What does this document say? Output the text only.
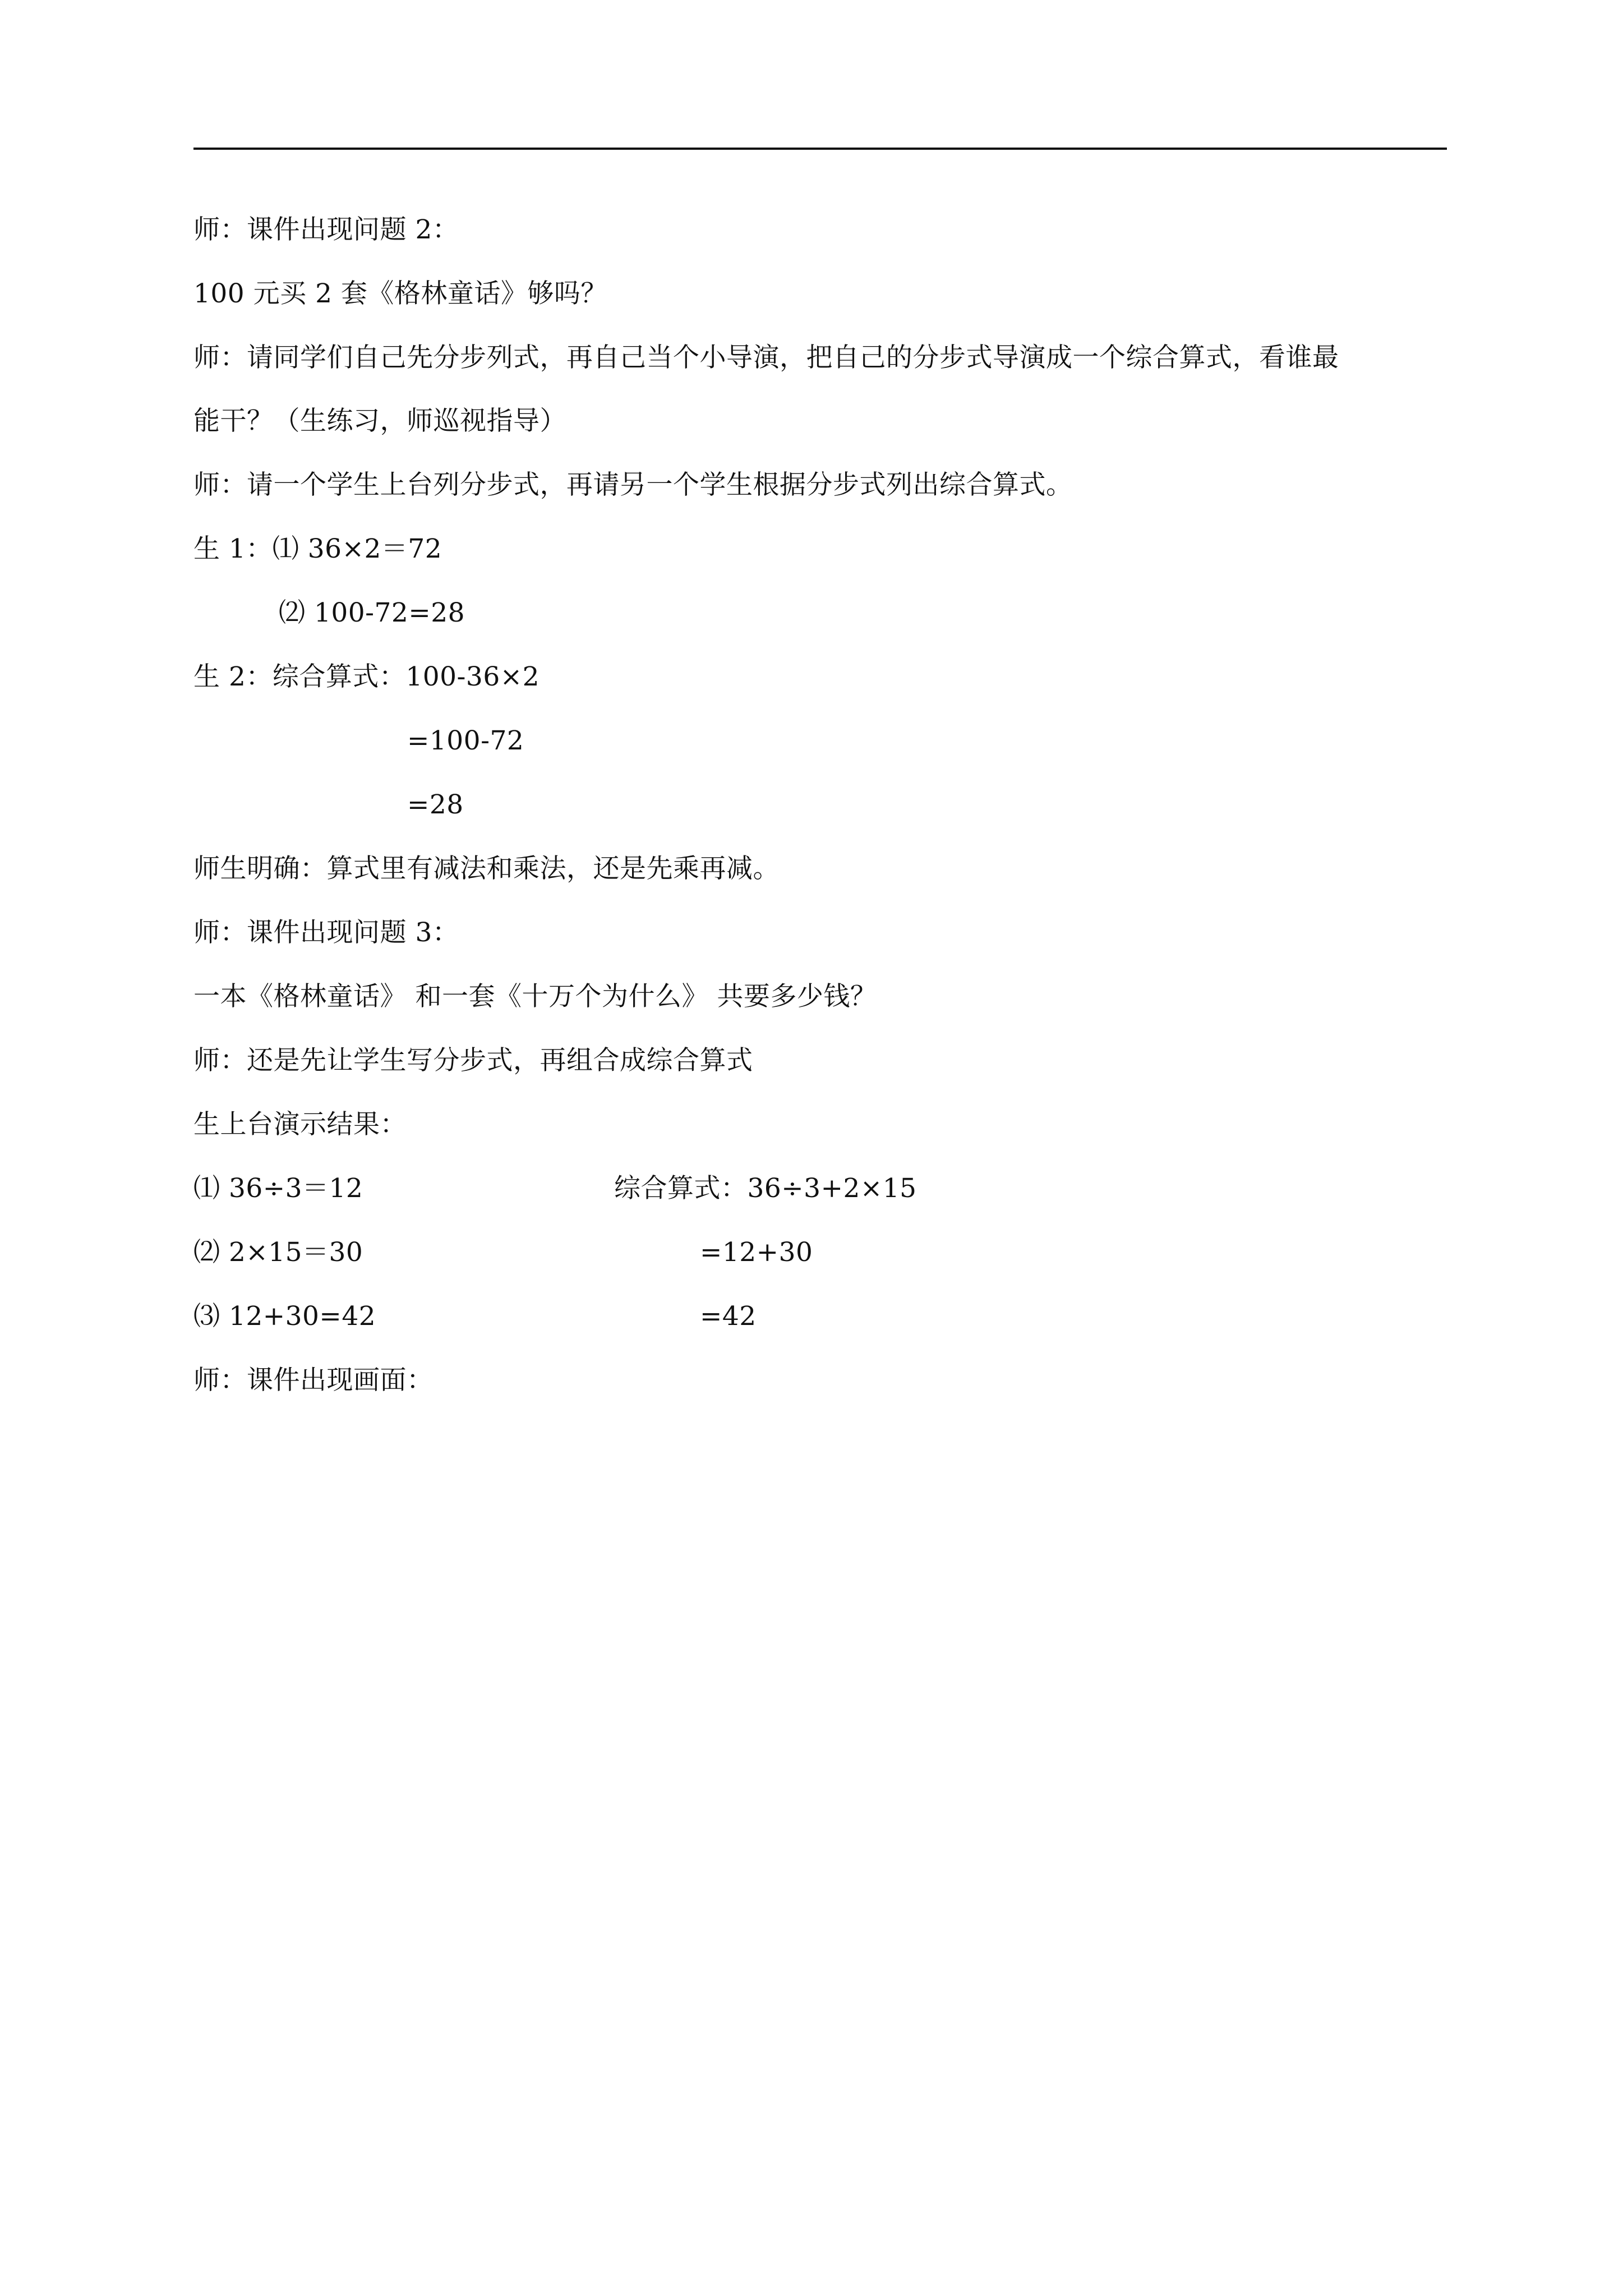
师：课件出现问题 2：
100 元买 2 套《格林童话》够吗？
师：请同学们自己先分步列式，再自己当个小导演，把自己的分步式导演成一个综合算式，看谁最
能干？（生练习，师巡视指导）
师：请一个学生上台列分步式，再请另一个学生根据分步式列出综合算式。
生 1：⑴ 36×2＝72
⑵ 100-72=28
生 2：综合算式：100-36×2
=100-72
=28
师生明确：算式里有减法和乘法，还是先乘再减。
师：课件出现问题 3：
一本《格林童话》 和一套《十万个为什么》 共要多少钱？
师：还是先让学生写分步式，再组合成综合算式
生上台演示结果：
⑴ 36÷3＝12	综合算式：36÷3+2×15
⑵ 2×15＝30	=12+30
⑶ 12+30=42	=42
师：课件出现画面：
